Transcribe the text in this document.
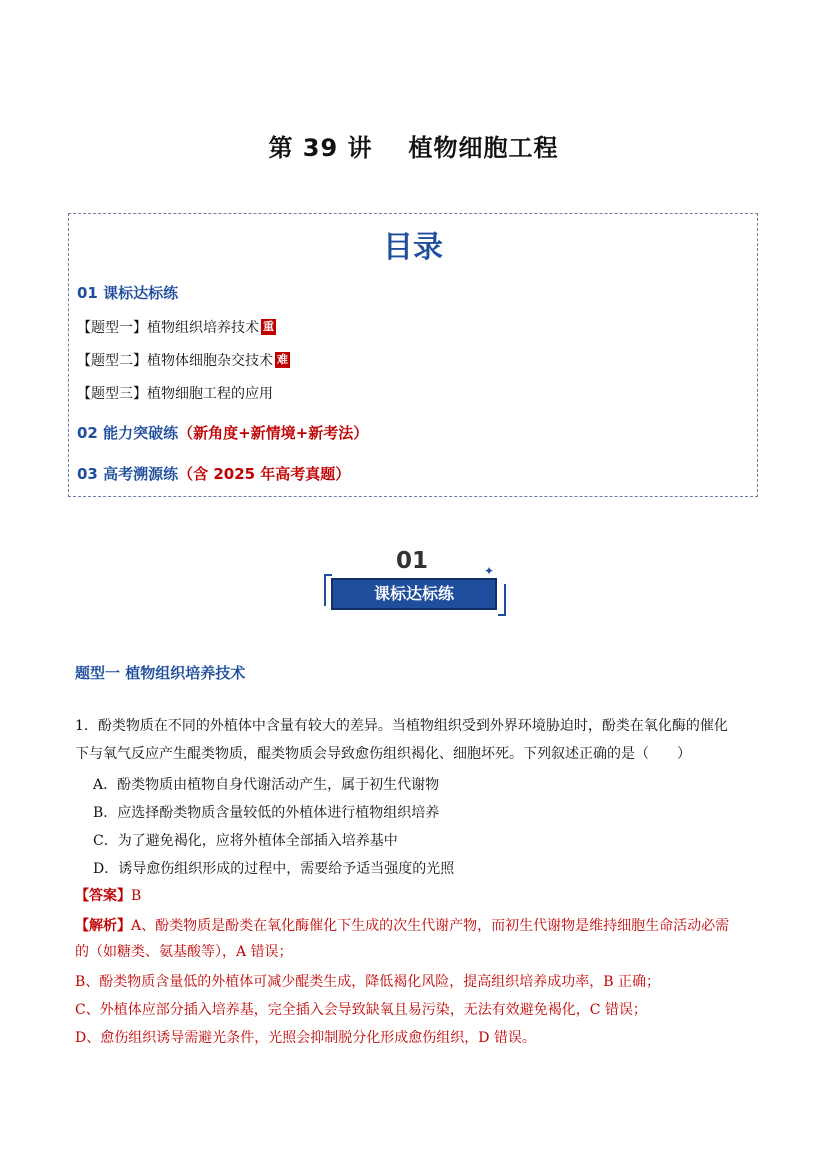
第 39 讲 植物细胞工程
目录
01 课标达标练
【题型一】植物组织培养技术 重
【题型二】植物体细胞杂交技术 难
【题型三】植物细胞工程的应用
02 能力突破练（新角度+新情境+新考法）
03 高考溯源练（含 2025 年高考真题）
01
课标达标练
✦
题型一 植物组织培养技术
1．酚类物质在不同的外植体中含量有较大的差异。当植物组织受到外界环境胁迫时，酚类在氧化酶的催化
下与氧气反应产生醌类物质，醌类物质会导致愈伤组织褐化、细胞坏死。下列叙述正确的是（　　）
A．酚类物质由植物自身代谢活动产生，属于初生代谢物
B．应选择酚类物质含量较低的外植体进行植物组织培养
C．为了避免褐化，应将外植体全部插入培养基中
D．诱导愈伤组织形成的过程中，需要给予适当强度的光照
【答案】B
【解析】A、酚类物质是酚类在氧化酶催化下生成的次生代谢产物，而初生代谢物是维持细胞生命活动必需
的（如糖类、氨基酸等），A 错误；
B、酚类物质含量低的外植体可减少醌类生成，降低褐化风险，提高组织培养成功率，B 正确；
C、外植体应部分插入培养基，完全插入会导致缺氧且易污染，无法有效避免褐化，C 错误；
D、愈伤组织诱导需避光条件，光照会抑制脱分化形成愈伤组织，D 错误。
